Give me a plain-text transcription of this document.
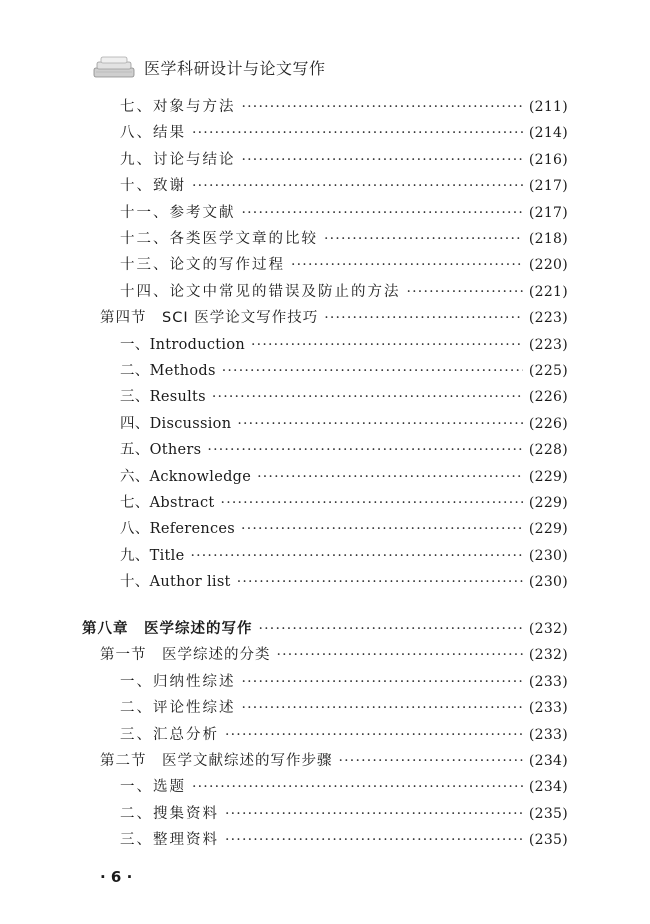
医学科研设计与论文写作
七、对象与方法 ·····	(211)
八、结果 ·····	(214)
九、讨论与结论 ·····	(216)
十、致谢 ·····	(217)
十一、参考文献 ·····	(217)
十二、各类医学文章的比较 ·····	(218)
十三、论文的写作过程 ·····	(220)
十四、论文中常见的错误及防止的方法 ·····	(221)
第四节　SCI 医学论文写作技巧 ·····	(223)
一、Introduction ·····	(223)
二、Methods ·····	(225)
三、Results ·····	(226)
四、Discussion ·····	(226)
五、Others ·····	(228)
六、Acknowledge ·····	(229)
七、Abstract ·····	(229)
八、References ·····	(229)
九、Title ·····	(230)
十、Author list ·····	(230)
第八章　医学综述的写作 ·····	(232)
第一节　医学综述的分类 ·····	(232)
一、归纳性综述 ·····	(233)
二、评论性综述 ·····	(233)
三、汇总分析 ·····	(233)
第二节　医学文献综述的写作步骤 ·····	(234)
一、选题 ·····	(234)
二、搜集资料 ·····	(235)
三、整理资料 ·····	(235)
· 6 ·
